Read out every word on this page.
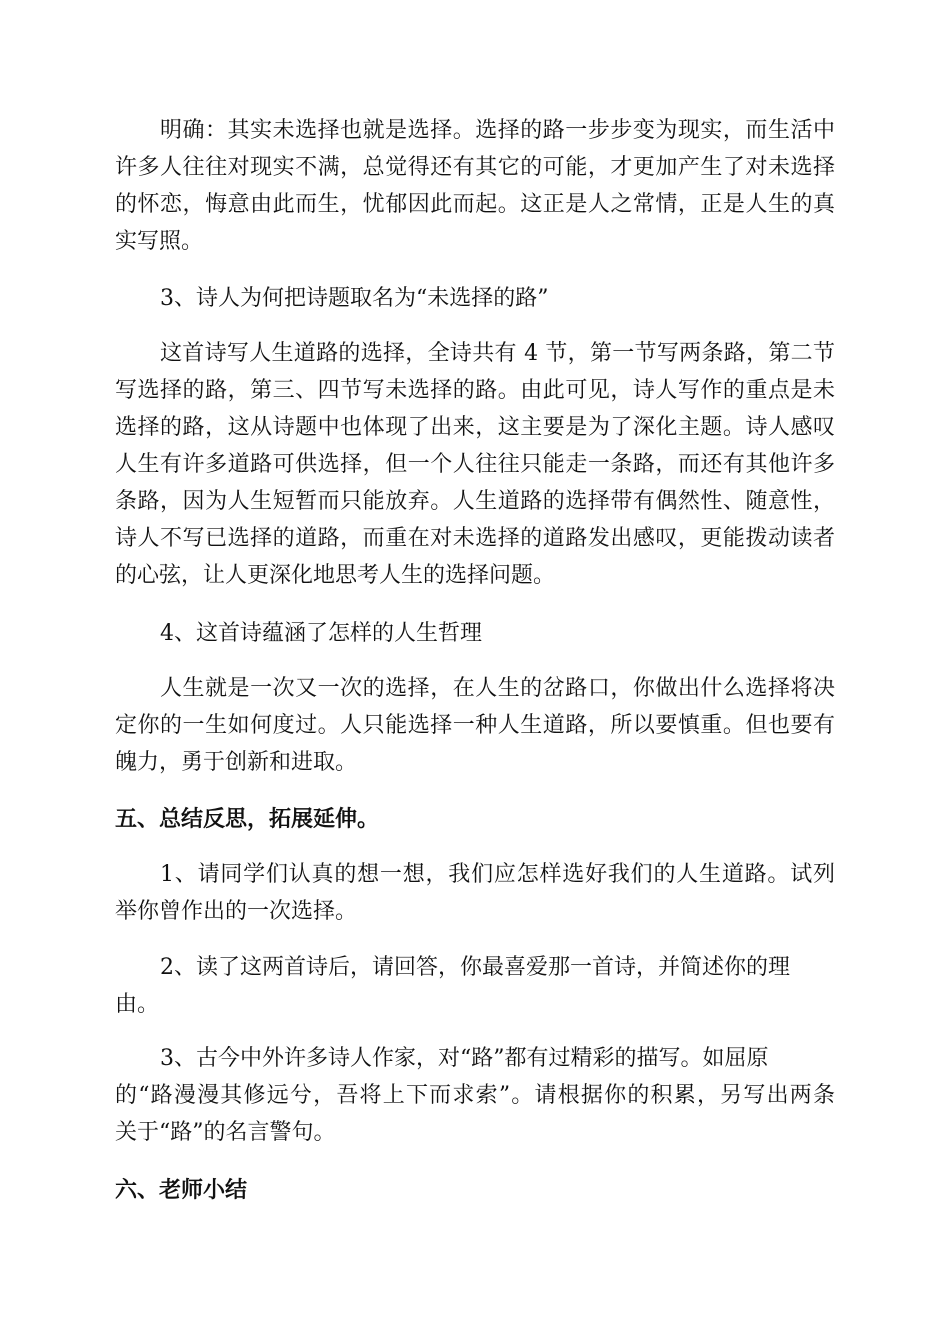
明确：其实未选择也就是选择。选择的路一步步变为现实，而生活中
许多人往往对现实不满，总觉得还有其它的可能，才更加产生了对未选择
的怀恋，悔意由此而生，忧郁因此而起。这正是人之常情，正是人生的真
实写照。
3、诗人为何把诗题取名为“未选择的路”
这首诗写人生道路的选择，全诗共有 4 节，第一节写两条路，第二节
写选择的路，第三、四节写未选择的路。由此可见，诗人写作的重点是未
选择的路，这从诗题中也体现了出来，这主要是为了深化主题。诗人感叹
人生有许多道路可供选择，但一个人往往只能走一条路，而还有其他许多
条路，因为人生短暂而只能放弃。人生道路的选择带有偶然性、随意性，
诗人不写已选择的道路，而重在对未选择的道路发出感叹，更能拨动读者
的心弦，让人更深化地思考人生的选择问题。
4、这首诗蕴涵了怎样的人生哲理
人生就是一次又一次的选择，在人生的岔路口，你做出什么选择将决
定你的一生如何度过。人只能选择一种人生道路，所以要慎重。但也要有
魄力，勇于创新和进取。
五、总结反思，拓展延伸。
1、请同学们认真的想一想，我们应怎样选好我们的人生道路。试列
举你曾作出的一次选择。
2、读了这两首诗后，请回答，你最喜爱那一首诗，并简述你的理
由。
3、古今中外许多诗人作家，对“路”都有过精彩的描写。如屈原
的“路漫漫其修远兮，吾将上下而求索”。请根据你的积累，另写出两条
关于“路”的名言警句。
六、老师小结
